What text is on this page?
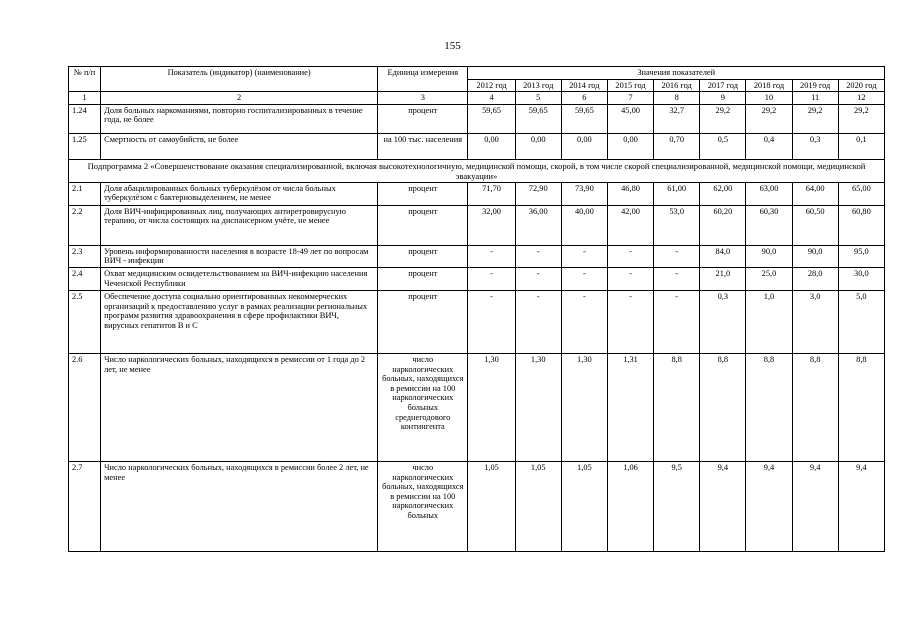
155
№ п/п	Показатель (индикатор) (наименование)	Единица измерения	Значения показателей								
			2012 год	2013 год	2014 год	2015 год	2016 год	2017 год	2018 год	2019 год	2020 год
1	2	3	4	5	6	7	8	9	10	11	12
1.24	Доля больных наркоманиями, повторно госпитализированных в течение года, не более	процент	59,65	59,65	59,65	45,00	32,7	29,2	29,2	29,2	29,2
1.25	Смертность от самоубийств, не более	на 100 тыс. населения	0,00	0,00	0,00	0,00	0,70	0,5	0,4	0,3	0,1
Подпрограмма 2 «Совершенствование оказания специализированной, включая высокотехнологичную, медицинской помощи, скорой, в том числе скорой специализированной, медицинской помощи, медицинской эвакуации»											
2.1	Доля абацилированных больных туберкулёзом от числа больных туберкулёзом с бактериовыделением, не менее	процент	71,70	72,90	73,90	46,80	61,00	62,00	63,00	64,00	65,00
2.2	Доля ВИЧ-инфицированных лиц, получающих антиретровирусную терапию, от числа состоящих на диспансерном учёте, не менее	процент	32,00	36,00	40,00	42,00	53,0	60,20	60,30	60,50	60,80
2.3	Уровень информированности населения в возрасте 18-49 лет по вопросам ВИЧ - инфекции	процент	-	-	-	-	-	84,0	90,0	90,0	95,0
2.4	Охват медицинским освидетельствованием на ВИЧ-инфекцию населения Чеченской Республики	процент	-	-	-	-	-	21,0	25,0	28,0	30,0
2.5	Обеспечение доступа социально ориентированных некоммерческих организаций к предоставлению услуг в рамках реализации региональных программ развития здравоохранения в сфере профилактики ВИЧ, вирусных гепатитов В и С	процент	-	-	-	-	-	0,3	1,0	3,0	5,0
2.6	Число наркологических больных, находящихся в ремиссии от 1 года до 2 лет, не менее	число наркологических больных, находящихся в ремиссии на 100 наркологических больных среднегодового контингента	1,30	1,30	1,30	1,31	8,8	8,8	8,8	8,8	8,8
2.7	Число наркологических больных, находящихся в ремиссии более 2 лет, не менее	число наркологических больных, находящихся в ремиссии на 100 наркологических больных	1,05	1,05	1,05	1,06	9,5	9,4	9,4	9,4	9,4
